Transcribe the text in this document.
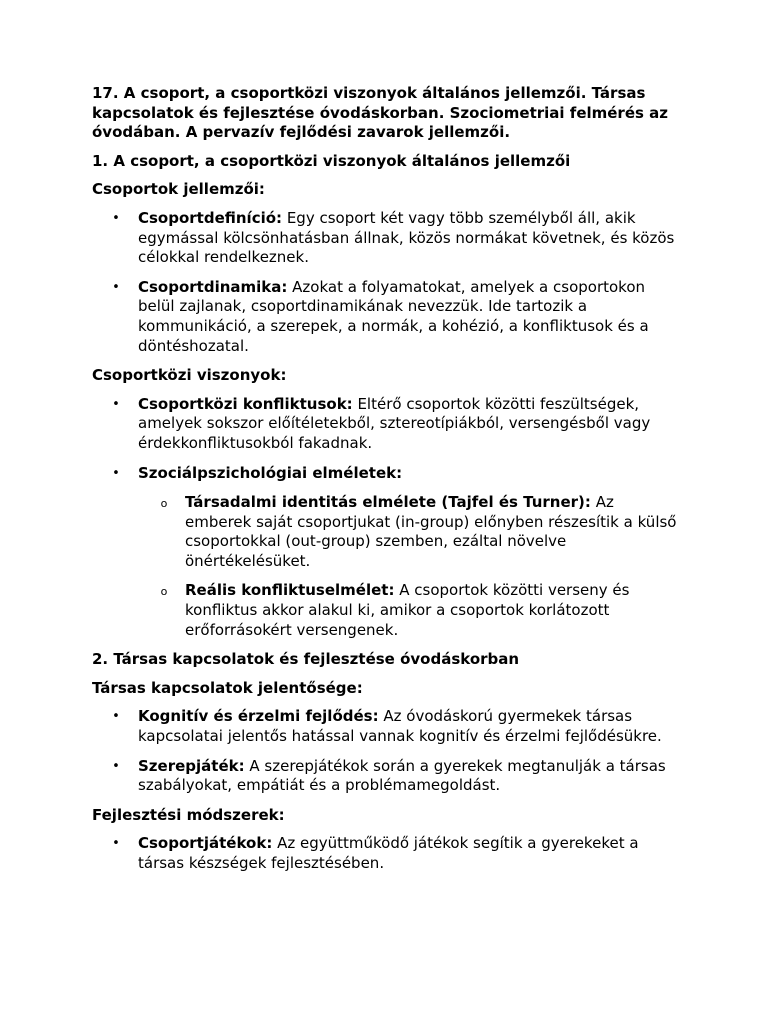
17. A csoport, a csoportközi viszonyok általános jellemzői. Társas kapcsolatok és fejlesztése óvodáskorban. Szociometriai felmérés az óvodában. A pervazív fejlődési zavarok jellemzői.

1. A csoport, a csoportközi viszonyok általános jellemzői

Csoportok jellemzői:

• Csoportdefiníció: Egy csoport két vagy több személyből áll, akik egymással kölcsönhatásban állnak, közös normákat követnek, és közös célokkal rendelkeznek.
• Csoportdinamika: Azokat a folyamatokat, amelyek a csoportokon belül zajlanak, csoportdinamikának nevezzük. Ide tartozik a kommunikáció, a szerepek, a normák, a kohézió, a konfliktusok és a döntéshozatal.

Csoportközi viszonyok:

• Csoportközi konfliktusok: Eltérő csoportok közötti feszültségek, amelyek sokszor előítéletekből, sztereotípiákból, versengésből vagy érdekkonfliktusokból fakadnak.
• Szociálpszichológiai elméletek:
o Társadalmi identitás elmélete (Tajfel és Turner): Az emberek saját csoportjukat (in-group) előnyben részesítik a külső csoportokkal (out-group) szemben, ezáltal növelve önértékelésüket.
o Reális konfliktuselmélet: A csoportok közötti verseny és konfliktus akkor alakul ki, amikor a csoportok korlátozott erőforrásokért versengenek.

2. Társas kapcsolatok és fejlesztése óvodáskorban

Társas kapcsolatok jelentősége:

• Kognitív és érzelmi fejlődés: Az óvodáskorú gyermekek társas kapcsolatai jelentős hatással vannak kognitív és érzelmi fejlődésükre.
• Szerepjáték: A szerepjátékok során a gyerekek megtanulják a társas szabályokat, empátiát és a problémamegoldást.

Fejlesztési módszerek:

• Csoportjátékok: Az együttműködő játékok segítik a gyerekeket a társas készségek fejlesztésében.
